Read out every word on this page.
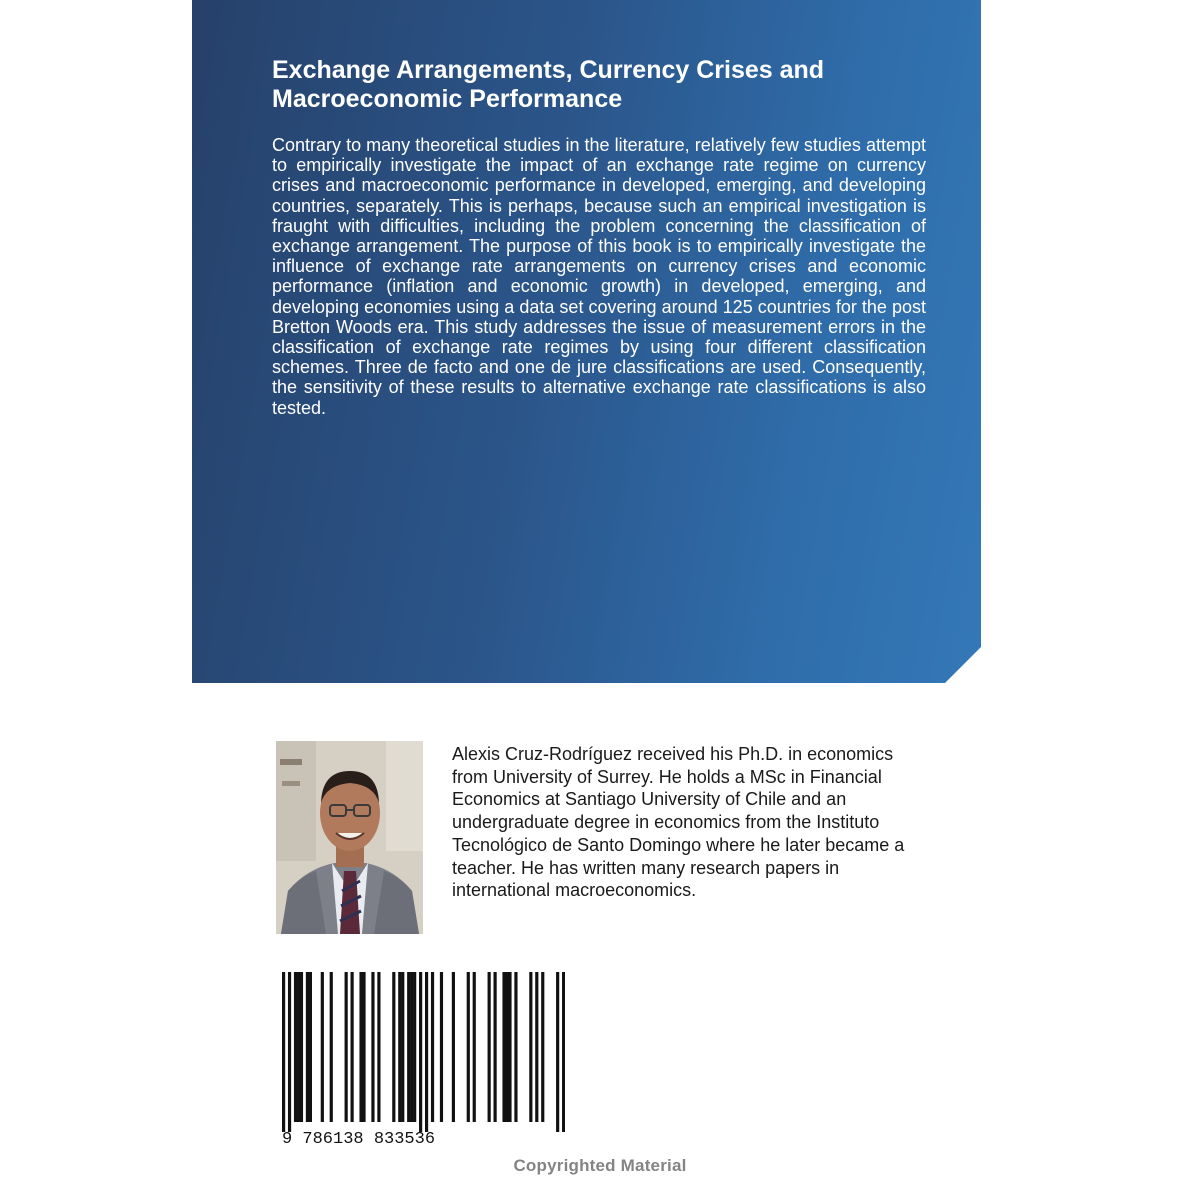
Exchange Arrangements, Currency Crises and Macroeconomic Performance

Contrary to many theoretical studies in the literature, relatively few studies attempt to empirically investigate the impact of an exchange rate regime on currency crises and macroeconomic performance in developed, emerging, and developing countries, separately. This is perhaps, because such an empirical investigation is fraught with difficulties, including the problem concerning the classification of exchange arrangement. The purpose of this book is to empirically investigate the influence of exchange rate arrangements on currency crises and economic performance (inflation and economic growth) in developed, emerging, and developing economies using a data set covering around 125 countries for the post Bretton Woods era. This study addresses the issue of measurement errors in the classification of exchange rate regimes by using four different classification schemes. Three de facto and one de jure classifications are used. Consequently, the sensitivity of these results to alternative exchange rate classifications is also tested.

Alexis Cruz-Rodríguez received his Ph.D. in economics from University of Surrey. He holds a MSc in Financial Economics at Santiago University of Chile and an undergraduate degree in economics from the Instituto Tecnológico de Santo Domingo where he later became a teacher. He has written many research papers in international macroeconomics.

9 786138 833536
Copyrighted Material
